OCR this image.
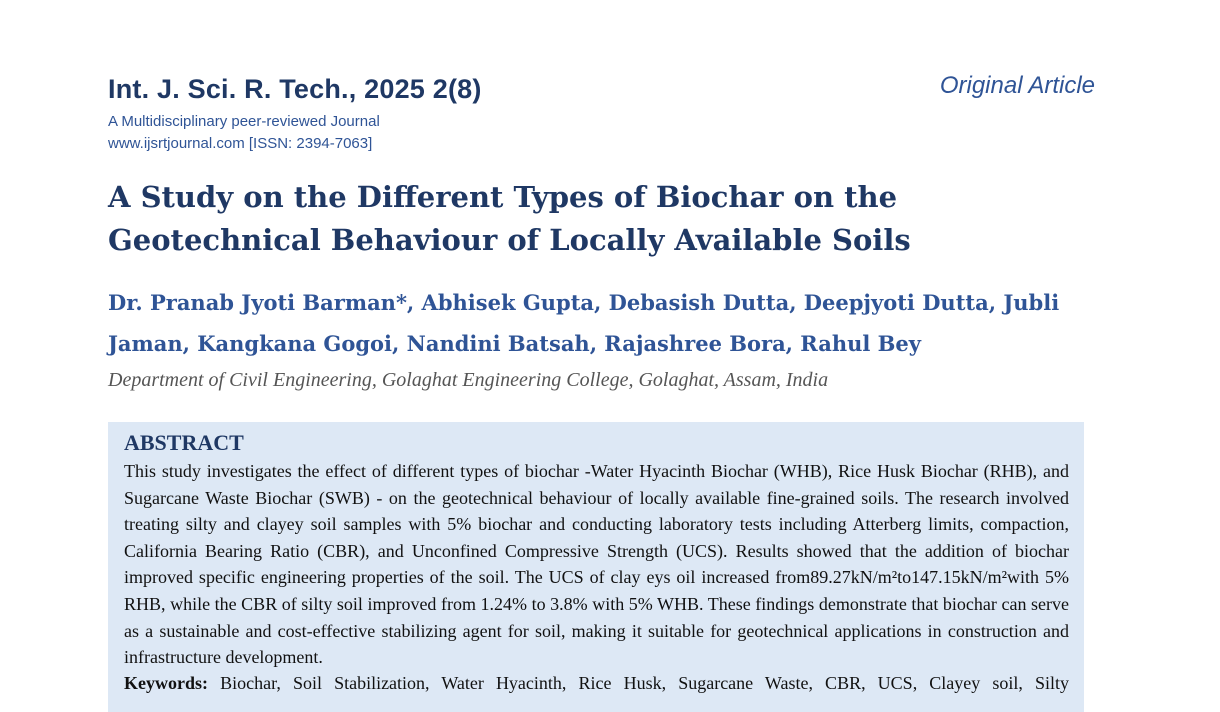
Int. J. Sci. R. Tech., 2025 2(8)	Original Article
A Multidisciplinary peer-reviewed Journal
www.ijsrtjournal.com [ISSN: 2394-7063]
A Study on the Different Types of Biochar on the Geotechnical Behaviour of Locally Available Soils
Dr. Pranab Jyoti Barman*, Abhisek Gupta, Debasish Dutta, Deepjyoti Dutta, Jubli Jaman, Kangkana Gogoi, Nandini Batsah, Rajashree Bora, Rahul Bey
Department of Civil Engineering, Golaghat Engineering College, Golaghat, Assam, India
ABSTRACT

This study investigates the effect of different types of biochar -Water Hyacinth Biochar (WHB), Rice Husk Biochar (RHB), and Sugarcane Waste Biochar (SWB) - on the geotechnical behaviour of locally available fine-grained soils. The research involved treating silty and clayey soil samples with 5% biochar and conducting laboratory tests including Atterberg limits, compaction, California Bearing Ratio (CBR), and Unconfined Compressive Strength (UCS). Results showed that the addition of biochar improved specific engineering properties of the soil. The UCS of clay eys oil increased from89.27kN/m²to147.15kN/m²with 5% RHB, while the CBR of silty soil improved from 1.24% to 3.8% with 5% WHB. These findings demonstrate that biochar can serve as a sustainable and cost-effective stabilizing agent for soil, making it suitable for geotechnical applications in construction and infrastructure development.

Keywords: Biochar, Soil Stabilization, Water Hyacinth, Rice Husk, Sugarcane Waste, CBR, UCS, Clayey soil, Silty
